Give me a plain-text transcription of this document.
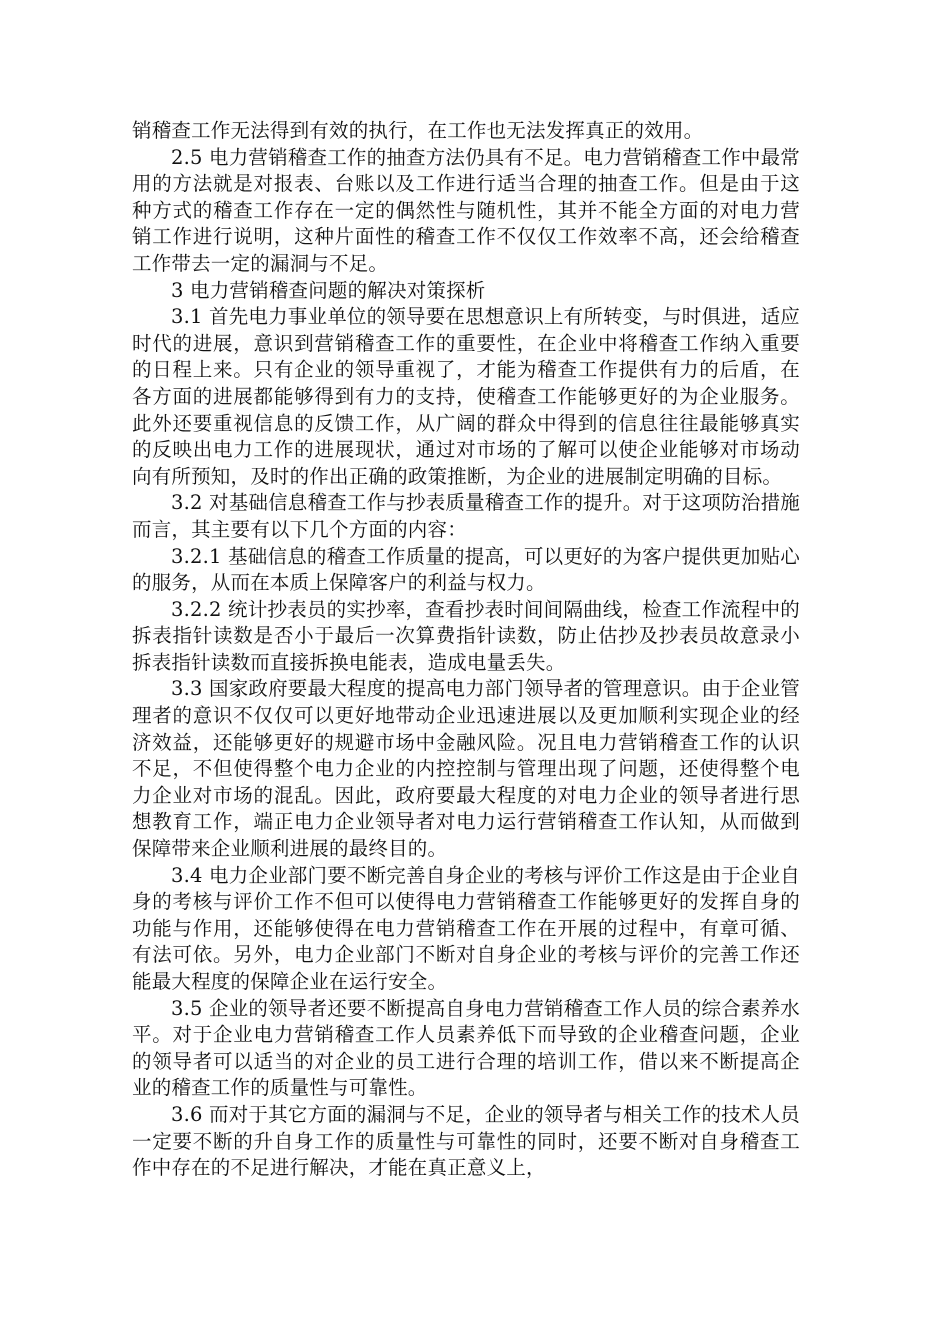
销稽查工作无法得到有效的执行，在工作也无法发挥真正的效用。

2.5 电力营销稽查工作的抽查方法仍具有不足。电力营销稽查工作中最常用的方法就是对报表、台账以及工作进行适当合理的抽查工作。但是由于这种方式的稽查工作存在一定的偶然性与随机性，其并不能全方面的对电力营销工作进行说明，这种片面性的稽查工作不仅仅工作效率不高，还会给稽查工作带去一定的漏洞与不足。

3 电力营销稽查问题的解决对策探析

3.1 首先电力事业单位的领导要在思想意识上有所转变，与时俱进，适应时代的进展，意识到营销稽查工作的重要性，在企业中将稽查工作纳入重要的日程上来。只有企业的领导重视了，才能为稽查工作提供有力的后盾，在各方面的进展都能够得到有力的支持，使稽查工作能够更好的为企业服务。此外还要重视信息的反馈工作，从广阔的群众中得到的信息往往最能够真实的反映出电力工作的进展现状，通过对市场的了解可以使企业能够对市场动向有所预知，及时的作出正确的政策推断，为企业的进展制定明确的目标。

3.2 对基础信息稽查工作与抄表质量稽查工作的提升。对于这项防治措施而言，其主要有以下几个方面的内容：

3.2.1 基础信息的稽查工作质量的提高，可以更好的为客户提供更加贴心的服务，从而在本质上保障客户的利益与权力。

3.2.2 统计抄表员的实抄率，查看抄表时间间隔曲线，检查工作流程中的拆表指针读数是否小于最后一次算费指针读数，防止估抄及抄表员故意录小拆表指针读数而直接拆换电能表，造成电量丢失。

3.3 国家政府要最大程度的提高电力部门领导者的管理意识。由于企业管理者的意识不仅仅可以更好地带动企业迅速进展以及更加顺利实现企业的经济效益，还能够更好的规避市场中金融风险。况且电力营销稽查工作的认识不足，不但使得整个电力企业的内控控制与管理出现了问题，还使得整个电力企业对市场的混乱。因此，政府要最大程度的对电力企业的领导者进行思想教育工作，端正电力企业领导者对电力运行营销稽查工作认知，从而做到保障带来企业顺利进展的最终目的。

3.4 电力企业部门要不断完善自身企业的考核与评价工作这是由于企业自身的考核与评价工作不但可以使得电力营销稽查工作能够更好的发挥自身的功能与作用，还能够使得在电力营销稽查工作在开展的过程中，有章可循、有法可依。另外，电力企业部门不断对自身企业的考核与评价的完善工作还能最大程度的保障企业在运行安全。

3.5 企业的领导者还要不断提高自身电力营销稽查工作人员的综合素养水平。对于企业电力营销稽查工作人员素养低下而导致的企业稽查问题，企业的领导者可以适当的对企业的员工进行合理的培训工作，借以来不断提高企业的稽查工作的质量性与可靠性。

3.6 而对于其它方面的漏洞与不足，企业的领导者与相关工作的技术人员一定要不断的升自身工作的质量性与可靠性的同时，还要不断对自身稽查工作中存在的不足进行解决，才能在真正意义上，
